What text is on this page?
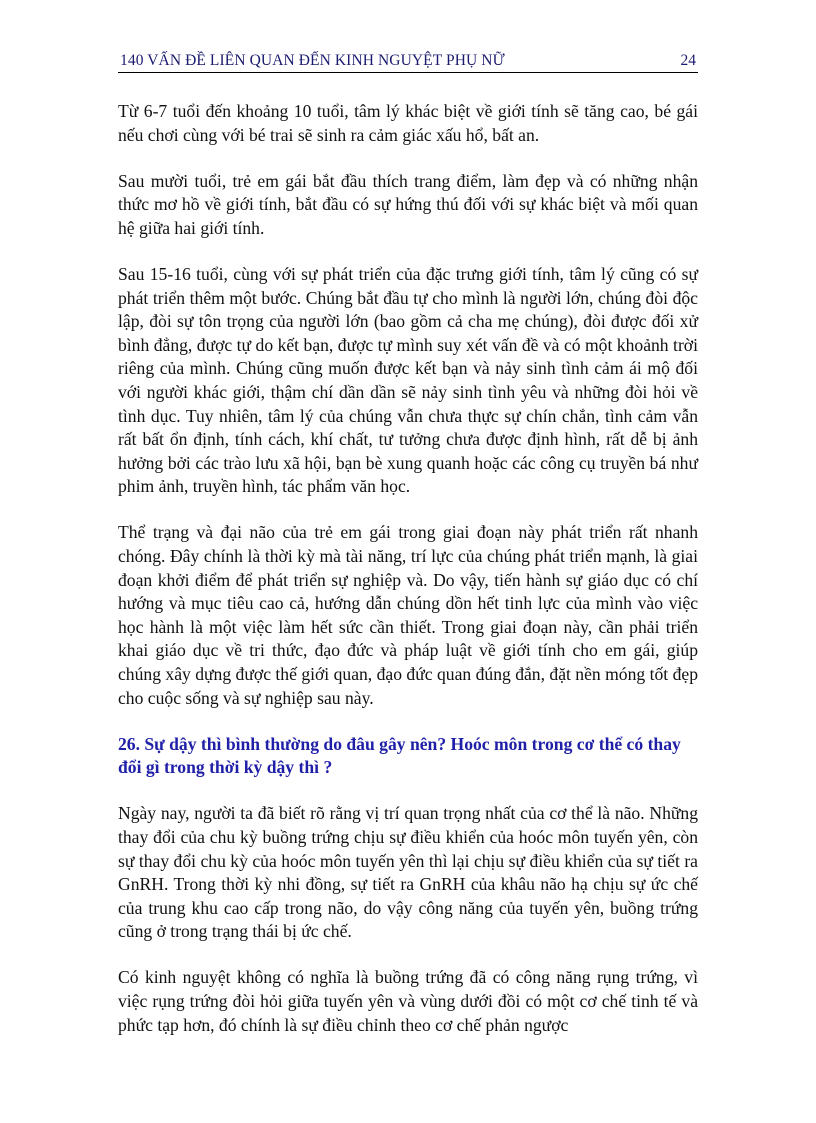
140 VẤN ĐỀ LIÊN QUAN ĐẾN KINH NGUYỆT PHỤ NỮ	24

Từ 6-7 tuổi đến khoảng 10 tuổi, tâm lý khác biệt về giới tính sẽ tăng cao, bé gái nếu chơi cùng với bé trai sẽ sinh ra cảm giác xấu hổ, bất an.

Sau mười tuổi, trẻ em gái bắt đầu thích trang điểm, làm đẹp và có những nhận thức mơ hồ về giới tính, bắt đầu có sự hứng thú đối với sự khác biệt và mối quan hệ giữa hai giới tính.

Sau 15-16 tuổi, cùng với sự phát triển của đặc trưng giới tính, tâm lý cũng có sự phát triển thêm một bước. Chúng bắt đầu tự cho mình là người lớn, chúng đòi độc lập, đòi sự tôn trọng của người lớn (bao gồm cả cha mẹ chúng), đòi được đối xử bình đẳng, được tự do kết bạn, được tự mình suy xét vấn đề và có một khoảnh trời riêng của mình. Chúng cũng muốn được kết bạn và nảy sinh tình cảm ái mộ đối với người khác giới, thậm chí dần dần sẽ nảy sinh tình yêu và những đòi hỏi về tình dục. Tuy nhiên, tâm lý của chúng vẫn chưa thực sự chín chắn, tình cảm vẫn rất bất ổn định, tính cách, khí chất, tư tưởng chưa được định hình, rất dễ bị ảnh hưởng bởi các trào lưu xã hội, bạn bè xung quanh hoặc các công cụ truyền bá như phim ảnh, truyền hình, tác phẩm văn học.

Thể trạng và đại não của trẻ em gái trong giai đoạn này phát triển rất nhanh chóng. Đây chính là thời kỳ mà tài năng, trí lực của chúng phát triển mạnh, là giai đoạn khởi điểm để phát triển sự nghiệp và. Do vậy, tiến hành sự giáo dục có chí hướng và mục tiêu cao cả, hướng dẫn chúng dồn hết tinh lực của mình vào việc học hành là một việc làm hết sức cần thiết. Trong giai đoạn này, cần phải triển khai giáo dục về tri thức, đạo đức và pháp luật về giới tính cho em gái, giúp chúng xây dựng được thế giới quan, đạo đức quan đúng đắn, đặt nền móng tốt đẹp cho cuộc sống và sự nghiệp sau này.

26. Sự dậy thì bình thường do đâu gây nên? Hoóc môn trong cơ thể có thay đổi gì trong thời kỳ dậy thì ?

Ngày nay, người ta đã biết rõ rằng vị trí quan trọng nhất của cơ thể là não. Những thay đổi của chu kỳ buồng trứng chịu sự điều khiển của hoóc môn tuyến yên, còn sự thay đổi chu kỳ của hoóc môn tuyến yên thì lại chịu sự điều khiển của sự tiết ra GnRH. Trong thời kỳ nhi đồng, sự tiết ra GnRH của khâu não hạ chịu sự ức chế của trung khu cao cấp trong não, do vậy công năng của tuyến yên, buồng trứng cũng ở trong trạng thái bị ức chế.

Có kinh nguyệt không có nghĩa là buồng trứng đã có công năng rụng trứng, vì việc rụng trứng đòi hỏi giữa tuyến yên và vùng dưới đồi có một cơ chế tinh tế và phức tạp hơn, đó chính là sự điều chỉnh theo cơ chế phản ngược
